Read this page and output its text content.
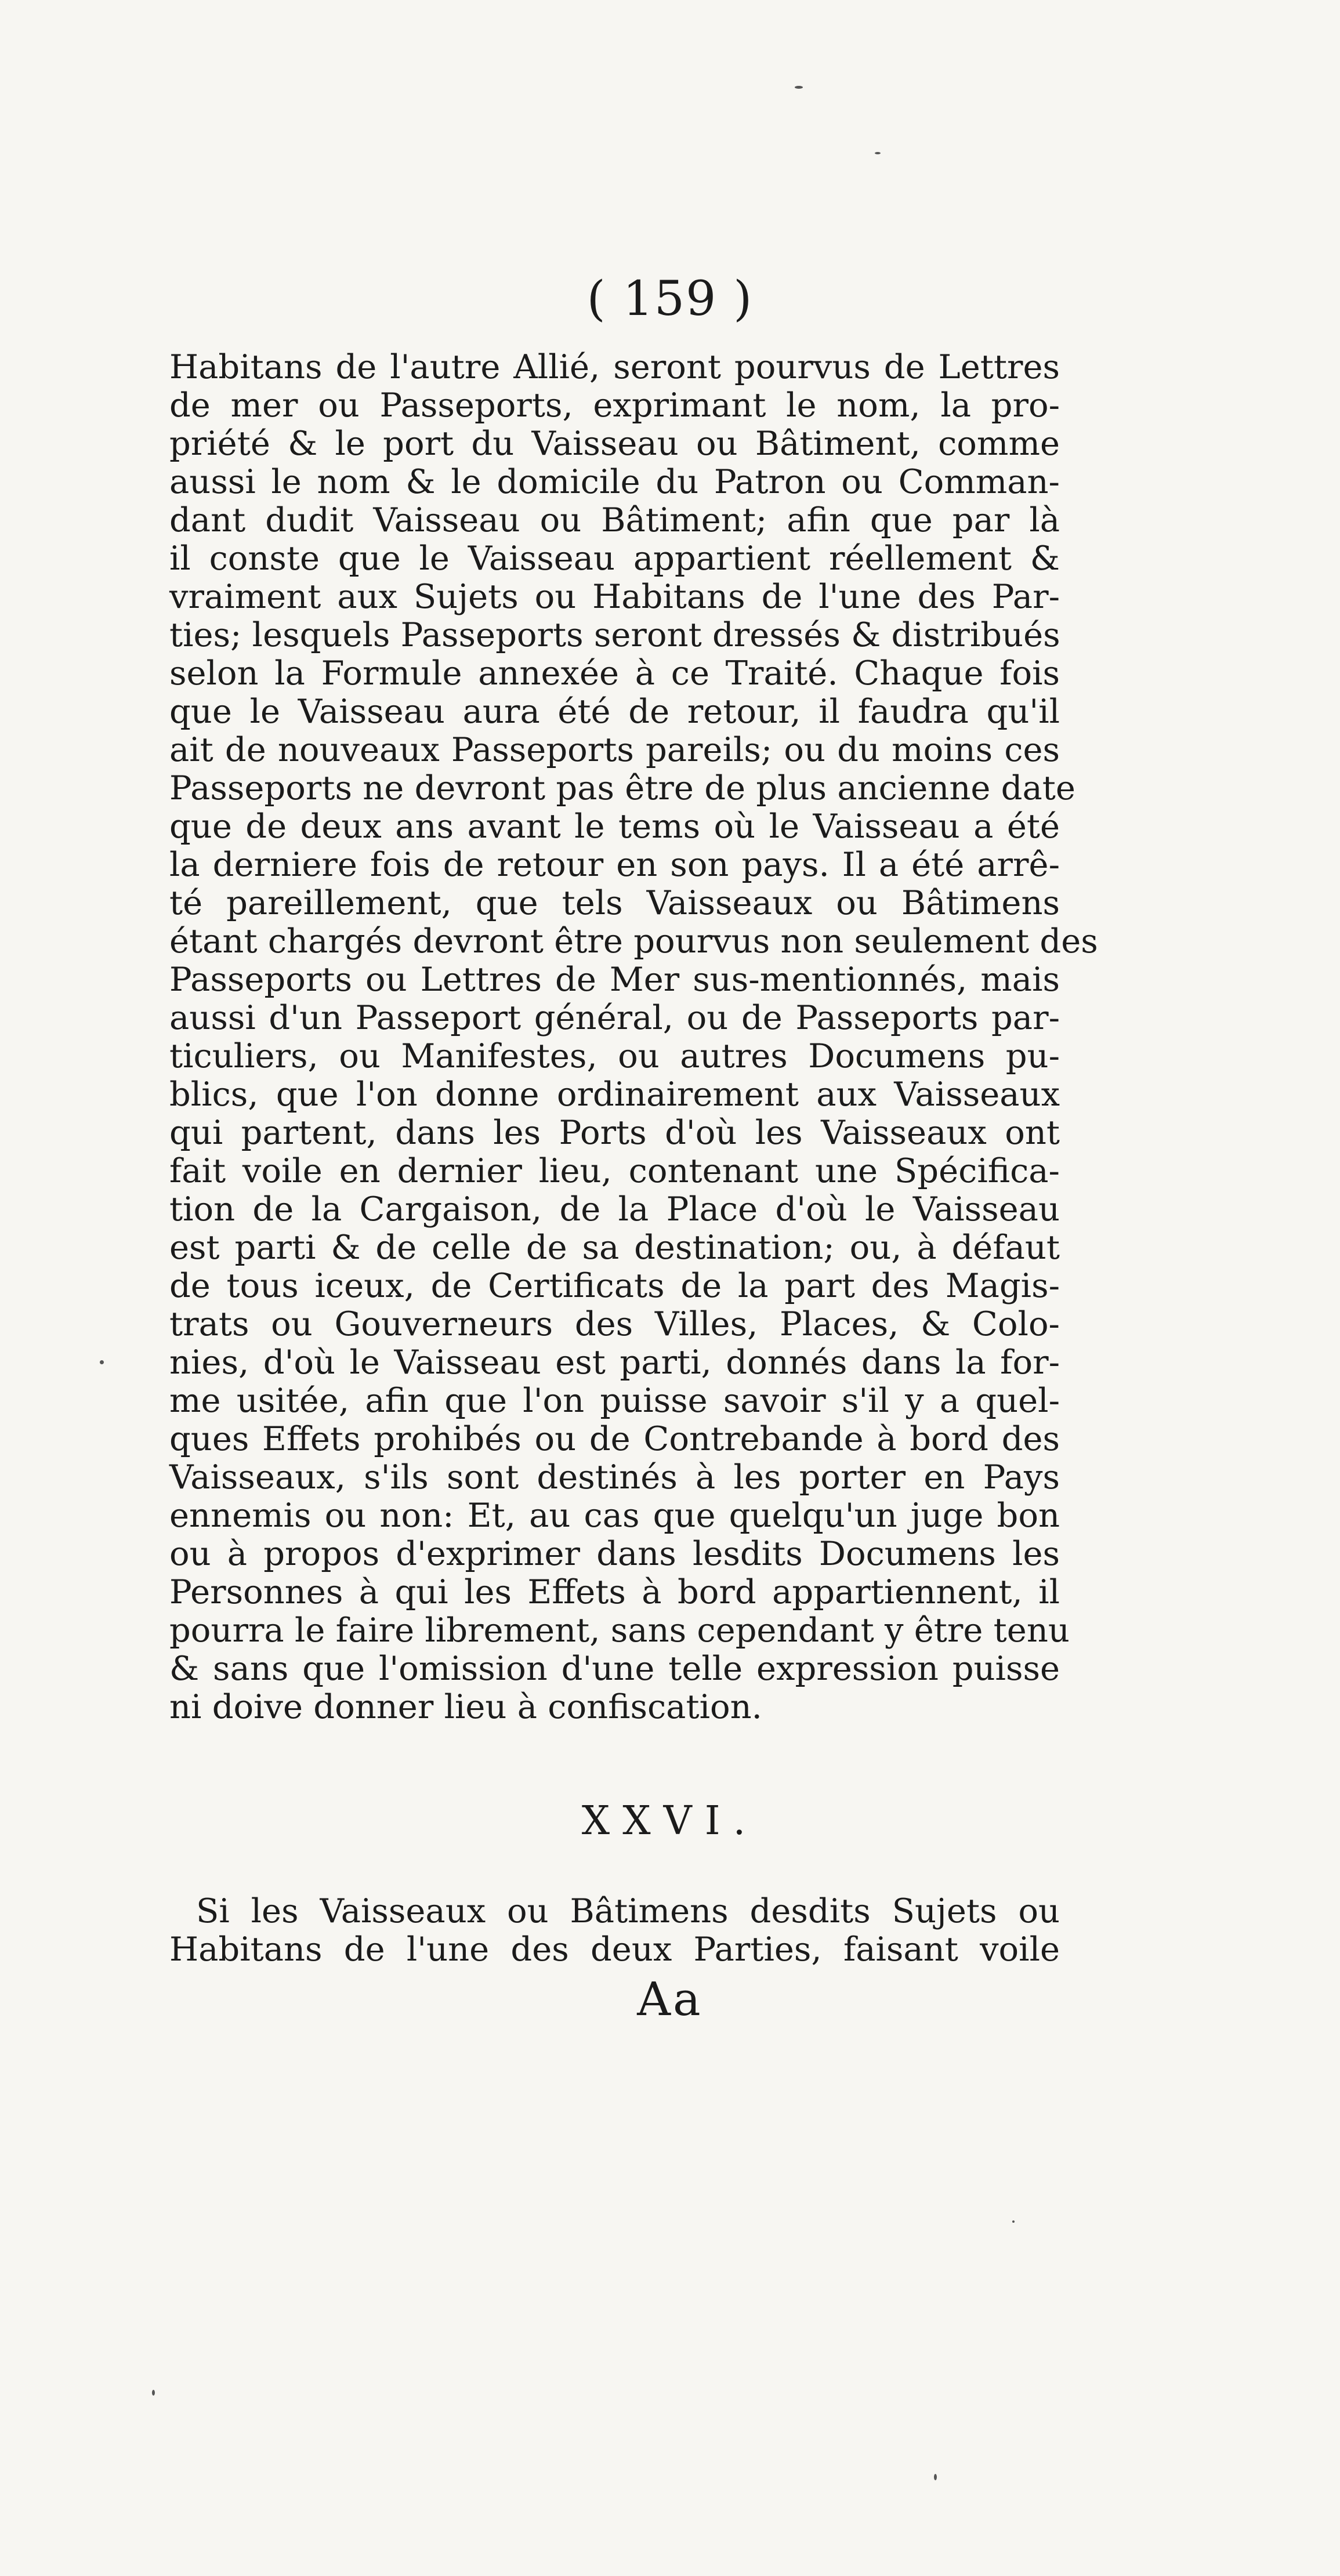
( 159 )
Habitans de l'autre Allié, seront pourvus de Lettres
de mer ou Passeports, exprimant le nom, la pro-
priété & le port du Vaisseau ou Bâtiment, comme
aussi le nom & le domicile du Patron ou Comman-
dant dudit Vaisseau ou Bâtiment; afin que par là
il conste que le Vaisseau appartient réellement &
vraiment aux Sujets ou Habitans de l'une des Par-
ties; lesquels Passeports seront dressés & distribués
selon la Formule annexée à ce Traité. Chaque fois
que le Vaisseau aura été de retour, il faudra qu'il
ait de nouveaux Passeports pareils; ou du moins ces
Passeports ne devront pas être de plus ancienne date
que de deux ans avant le tems où le Vaisseau a été
la derniere fois de retour en son pays. Il a été arrê-
té pareillement, que tels Vaisseaux ou Bâtimens
étant chargés devront être pourvus non seulement des
Passeports ou Lettres de Mer sus-mentionnés, mais
aussi d'un Passeport général, ou de Passeports par-
ticuliers, ou Manifestes, ou autres Documens pu-
blics, que l'on donne ordinairement aux Vaisseaux
qui partent, dans les Ports d'où les Vaisseaux ont
fait voile en dernier lieu, contenant une Spécifica-
tion de la Cargaison, de la Place d'où le Vaisseau
est parti & de celle de sa destination; ou, à défaut
de tous iceux, de Certificats de la part des Magis-
trats ou Gouverneurs des Villes, Places, & Colo-
nies, d'où le Vaisseau est parti, donnés dans la for-
me usitée, afin que l'on puisse savoir s'il y a quel-
ques Effets prohibés ou de Contrebande à bord des
Vaisseaux, s'ils sont destinés à les porter en Pays
ennemis ou non: Et, au cas que quelqu'un juge bon
ou à propos d'exprimer dans lesdits Documens les
Personnes à qui les Effets à bord appartiennent, il
pourra le faire librement, sans cependant y être tenu
& sans que l'omission d'une telle expression puisse
ni doive donner lieu à confiscation.
XXVI.
Si les Vaisseaux ou Bâtimens desdits Sujets ou
Habitans de l'une des deux Parties, faisant voile
Aa
